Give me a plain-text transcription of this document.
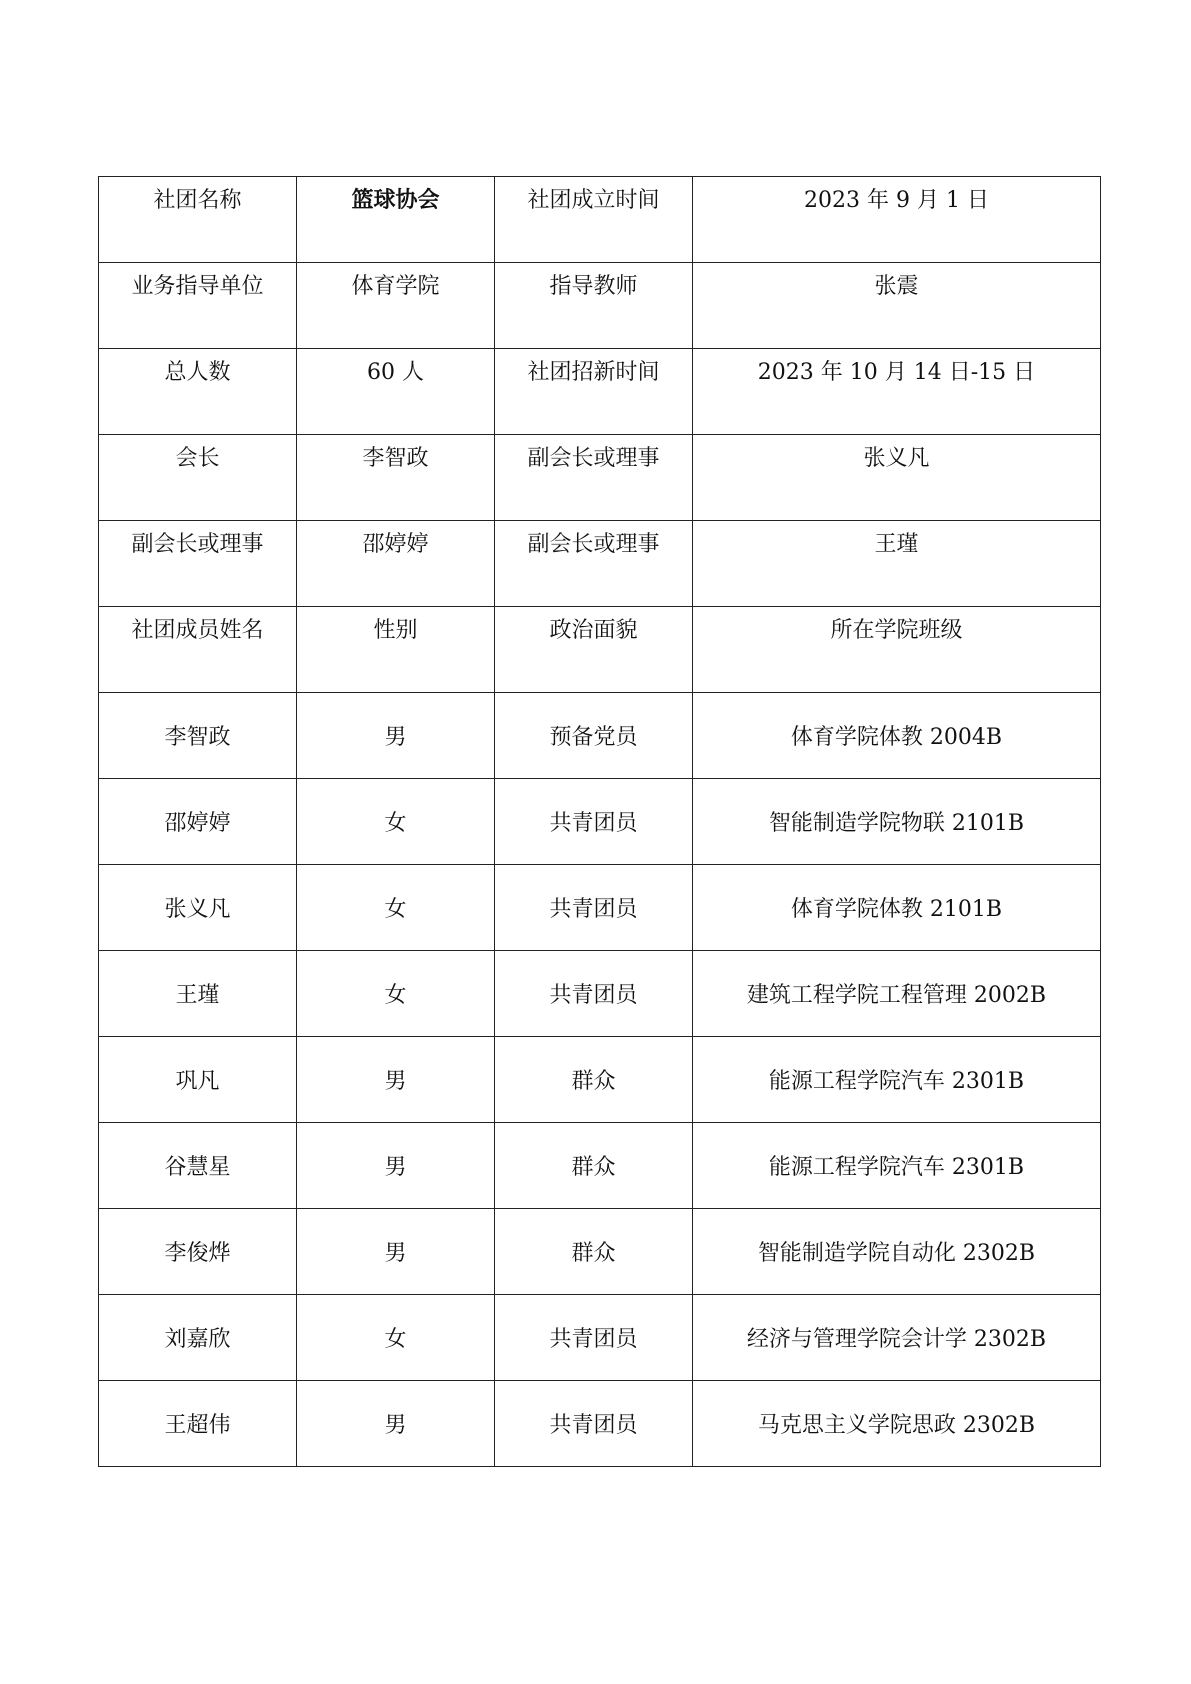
社团名称	篮球协会	社团成立时间	2023 年 9 月 1 日
业务指导单位	体育学院	指导教师	张震
总人数	60 人	社团招新时间	2023 年 10 月 14 日-15 日
会长	李智政	副会长或理事	张义凡
副会长或理事	邵婷婷	副会长或理事	王瑾
社团成员姓名	性别	政治面貌	所在学院班级
李智政	男	预备党员	体育学院体教 2004B
邵婷婷	女	共青团员	智能制造学院物联 2101B
张义凡	女	共青团员	体育学院体教 2101B
王瑾	女	共青团员	建筑工程学院工程管理 2002B
巩凡	男	群众	能源工程学院汽车 2301B
谷慧星	男	群众	能源工程学院汽车 2301B
李俊烨	男	群众	智能制造学院自动化 2302B
刘嘉欣	女	共青团员	经济与管理学院会计学 2302B
王超伟	男	共青团员	马克思主义学院思政 2302B
